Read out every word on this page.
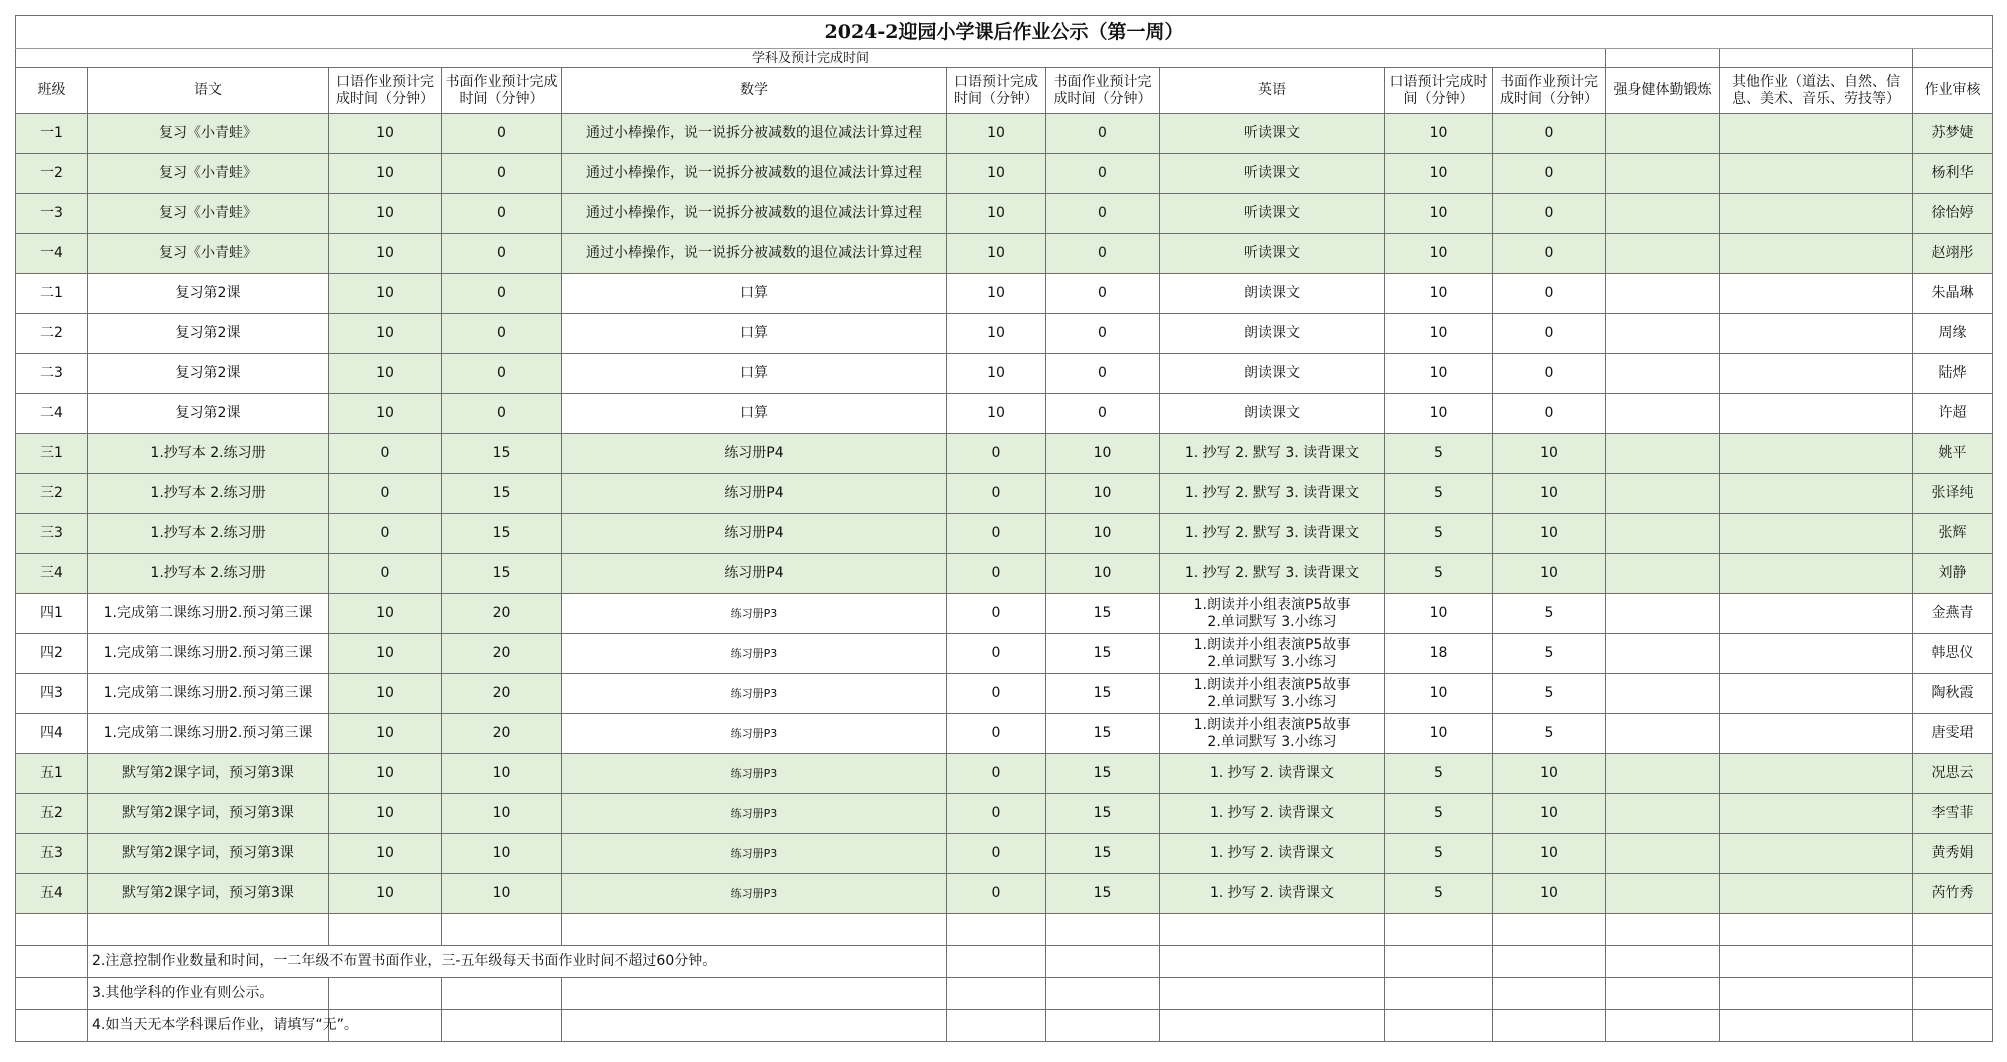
2024-2迎园小学课后作业公示（第一周）												
学科及预计完成时间												
班级	语文	口语作业预计完成时间（分钟）	书面作业预计完成时间（分钟）	数学	口语预计完成时间（分钟）	书面作业预计完成时间（分钟）	英语	口语预计完成时间（分钟）	书面作业预计完成时间（分钟）	强身健体勤锻炼	其他作业（道法、自然、信息、美术、音乐、劳技等）	作业审核
一1	复习《小青蛙》	10	0	通过小棒操作，说一说拆分被减数的退位减法计算过程	10	0	听读课文	10	0			苏梦婕
一2	复习《小青蛙》	10	0	通过小棒操作，说一说拆分被减数的退位减法计算过程	10	0	听读课文	10	0			杨利华
一3	复习《小青蛙》	10	0	通过小棒操作，说一说拆分被减数的退位减法计算过程	10	0	听读课文	10	0			徐怡婷
一4	复习《小青蛙》	10	0	通过小棒操作，说一说拆分被减数的退位减法计算过程	10	0	听读课文	10	0			赵翊彤
二1	复习第2课	10	0	口算	10	0	朗读课文	10	0			朱晶琳
二2	复习第2课	10	0	口算	10	0	朗读课文	10	0			周缘
二3	复习第2课	10	0	口算	10	0	朗读课文	10	0			陆烨
二4	复习第2课	10	0	口算	10	0	朗读课文	10	0			许超
三1	1.抄写本 2.练习册	0	15	练习册P4	0	10	1. 抄写 2. 默写 3. 读背课文	5	10			姚平
三2	1.抄写本 2.练习册	0	15	练习册P4	0	10	1. 抄写 2. 默写 3. 读背课文	5	10			张译纯
三3	1.抄写本 2.练习册	0	15	练习册P4	0	10	1. 抄写 2. 默写 3. 读背课文	5	10			张辉
三4	1.抄写本 2.练习册	0	15	练习册P4	0	10	1. 抄写 2. 默写 3. 读背课文	5	10			刘静
四1	1.完成第二课练习册2.预习第三课	10	20	练习册P3	0	15	1.朗读并小组表演P5故事
2.单词默写 3.小练习	10	5			金燕青
四2	1.完成第二课练习册2.预习第三课	10	20	练习册P3	0	15	1.朗读并小组表演P5故事
2.单词默写 3.小练习	18	5			韩思仪
四3	1.完成第二课练习册2.预习第三课	10	20	练习册P3	0	15	1.朗读并小组表演P5故事
2.单词默写 3.小练习	10	5			陶秋霞
四4	1.完成第二课练习册2.预习第三课	10	20	练习册P3	0	15	1.朗读并小组表演P5故事
2.单词默写 3.小练习	10	5			唐雯珺
五1	默写第2课字词，预习第3课	10	10	练习册P3	0	15	1. 抄写 2. 读背课文	5	10			况思云
五2	默写第2课字词，预习第3课	10	10	练习册P3	0	15	1. 抄写 2. 读背课文	5	10			李雪菲
五3	默写第2课字词，预习第3课	10	10	练习册P3	0	15	1. 抄写 2. 读背课文	5	10			黄秀娟
五4	默写第2课字词，预习第3课	10	10	练习册P3	0	15	1. 抄写 2. 读背课文	5	10			芮竹秀

	2.注意控制作业数量和时间，一二年级不布置书面作业，三-五年级每天书面作业时间不超过60分钟。											
	3.其他学科的作业有则公示。											
	4.如当天无本学科课后作业，请填写“无”。											
